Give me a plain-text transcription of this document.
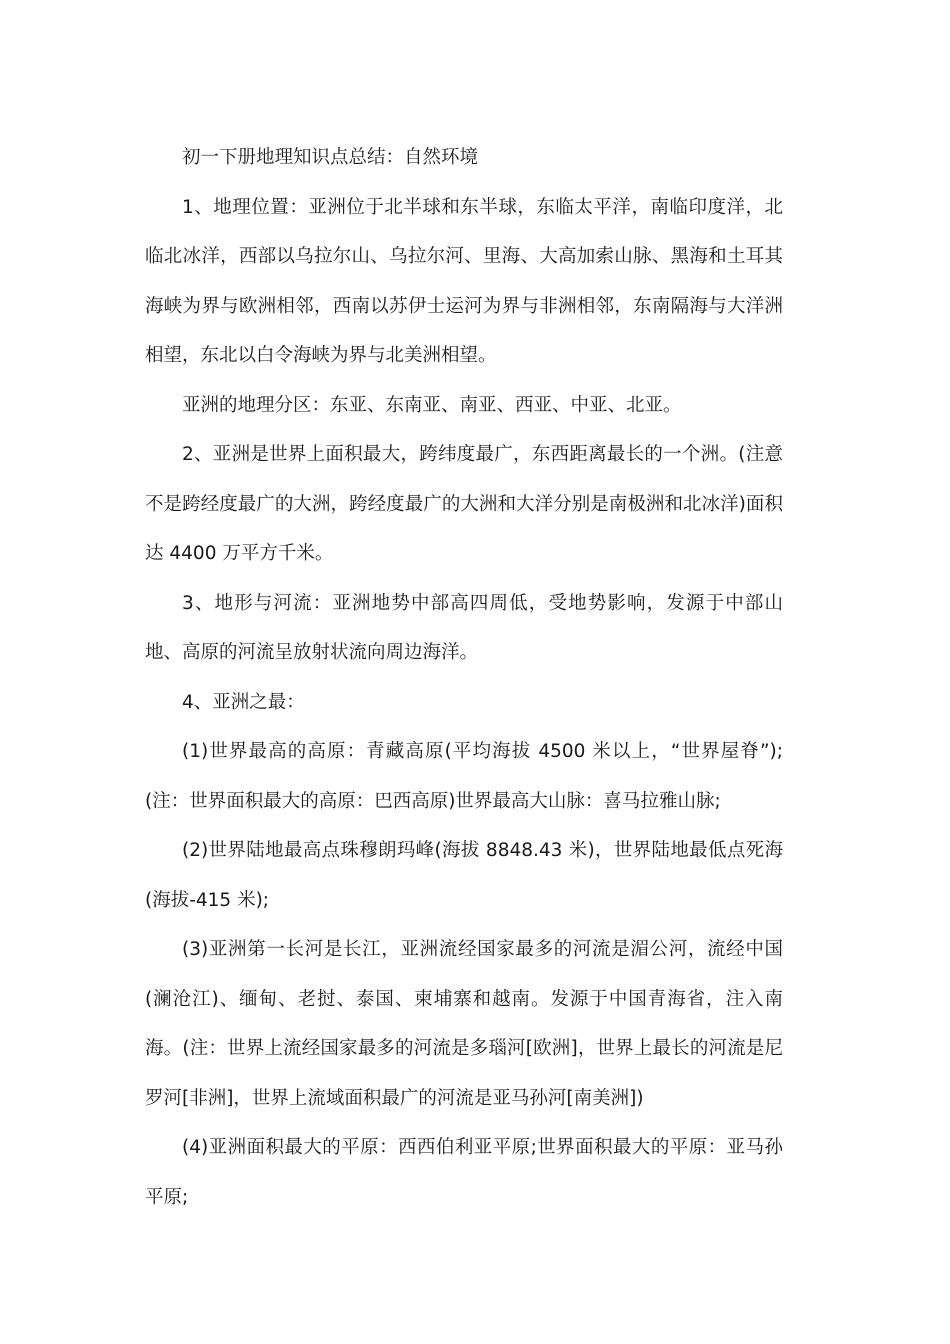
初一下册地理知识点总结：自然环境

1、地理位置：亚洲位于北半球和东半球，东临太平洋，南临印度洋，北临北冰洋，西部以乌拉尔山、乌拉尔河、里海、大高加索山脉、黑海和土耳其海峡为界与欧洲相邻，西南以苏伊士运河为界与非洲相邻，东南隔海与大洋洲相望，东北以白令海峡为界与北美洲相望。

亚洲的地理分区：东亚、东南亚、南亚、西亚、中亚、北亚。

2、亚洲是世界上面积最大，跨纬度最广，东西距离最长的一个洲。(注意不是跨经度最广的大洲，跨经度最广的大洲和大洋分别是南极洲和北冰洋)面积达 4400 万平方千米。

3、地形与河流：亚洲地势中部高四周低，受地势影响，发源于中部山地、高原的河流呈放射状流向周边海洋。

4、亚洲之最：

(1)世界最高的高原：青藏高原(平均海拔 4500 米以上，“世界屋脊”);(注：世界面积最大的高原：巴西高原)世界最高大山脉：喜马拉雅山脉;

(2)世界陆地最高点珠穆朗玛峰(海拔 8848.43 米)，世界陆地最低点死海(海拔-415 米);

(3)亚洲第一长河是长江，亚洲流经国家最多的河流是湄公河，流经中国(澜沧江)、缅甸、老挝、泰国、柬埔寨和越南。发源于中国青海省，注入南海。(注：世界上流经国家最多的河流是多瑙河[欧洲]，世界上最长的河流是尼罗河[非洲]，世界上流域面积最广的河流是亚马孙河[南美洲])

(4)亚洲面积最大的平原：西西伯利亚平原;世界面积最大的平原：亚马孙平原;
